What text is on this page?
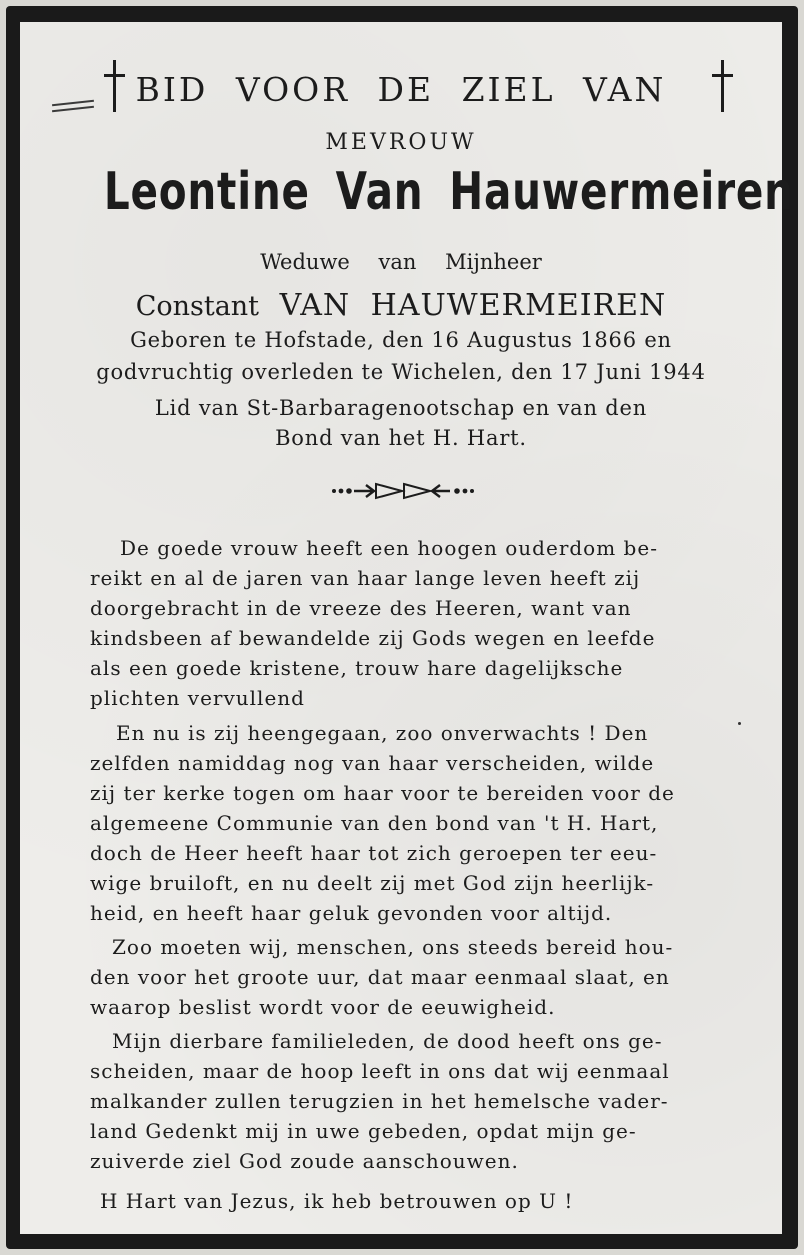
BID VOOR DE ZIEL VAN
MEVROUW
Leontine Van Hauwermeiren
Weduwe van Mijnheer
Constant VAN HAUWERMEIREN
Geboren te Hofstade, den 16 Augustus 1866 en
godvruchtig overleden te Wichelen, den 17 Juni 1944
Lid van St-Barbaragenootschap en van den
Bond van het H. Hart.
De goede vrouw heeft een hoogen ouderdom be-
reikt en al de jaren van haar lange leven heeft zij
doorgebracht in de vreeze des Heeren, want van
kindsbeen af bewandelde zij Gods wegen en leefde
als een goede kristene, trouw hare dagelijksche
plichten vervullend
En nu is zij heengegaan, zoo onverwachts ! Den
zelfden namiddag nog van haar verscheiden, wilde
zij ter kerke togen om haar voor te bereiden voor de
algemeene Communie van den bond van 't H. Hart,
doch de Heer heeft haar tot zich geroepen ter eeu-
wige bruiloft, en nu deelt zij met God zijn heerlijk-
heid, en heeft haar geluk gevonden voor altijd.
Zoo moeten wij, menschen, ons steeds bereid hou-
den voor het groote uur, dat maar eenmaal slaat, en
waarop beslist wordt voor de eeuwigheid.
Mijn dierbare familieleden, de dood heeft ons ge-
scheiden, maar de hoop leeft in ons dat wij eenmaal
malkander zullen terugzien in het hemelsche vader-
land Gedenkt mij in uwe gebeden, opdat mijn ge-
zuiverde ziel God zoude aanschouwen.
H Hart van Jezus, ik heb betrouwen op U !
